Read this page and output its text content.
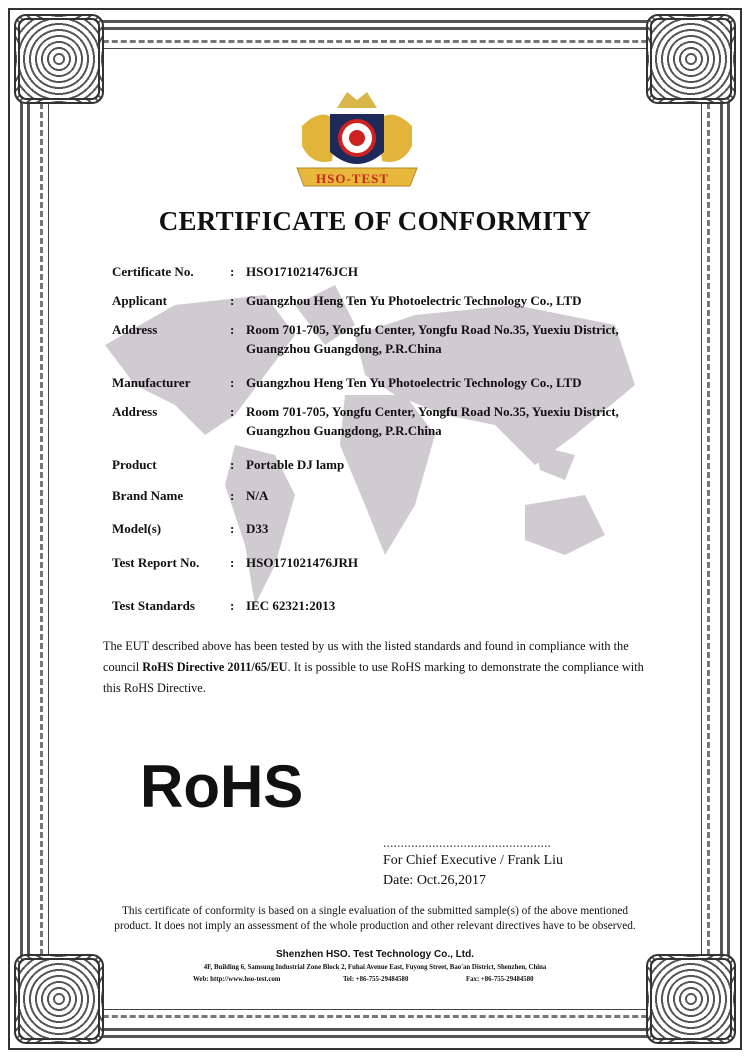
HSO-TEST
CERTIFICATE OF CONFORMITY
Certificate No.	: HSO171021476JCH
Applicant	: Guangzhou Heng Ten Yu Photoelectric Technology Co., LTD
Address	: Room 701-705, Yongfu Center, Yongfu Road No.35, Yuexiu District, Guangzhou Guangdong, P.R.China
Manufacturer	: Guangzhou Heng Ten Yu Photoelectric Technology Co., LTD
Address	: Room 701-705, Yongfu Center, Yongfu Road No.35, Yuexiu District, Guangzhou Guangdong, P.R.China
Product	: Portable DJ lamp
Brand Name	: N/A
Model(s)	: D33
Test Report No.	: HSO171021476JRH
Test Standards	: IEC 62321:2013
The EUT described above has been tested by us with the listed standards and found in compliance with the council RoHS Directive 2011/65/EU. It is possible to use RoHS marking to demonstrate the compliance with this RoHS Directive.
RoHS
................................................
For Chief Executive / Frank Liu
Date: Oct.26,2017
This certificate of conformity is based on a single evaluation of the submitted sample(s) of the above mentioned
product. It does not imply an assessment of the whole production and other relevant directives have to be observed.
Shenzhen HSO. Test Technology Co., Ltd.
4F, Building 6, Samsung Industrial Zone Block 2, Fuhai Avenue East, Fuyong Street, Bao'an District, Shenzhen, China
Web: http://www.hso-test.com	Tel: +86-755-29484580	Fax: +86-755-29484580
